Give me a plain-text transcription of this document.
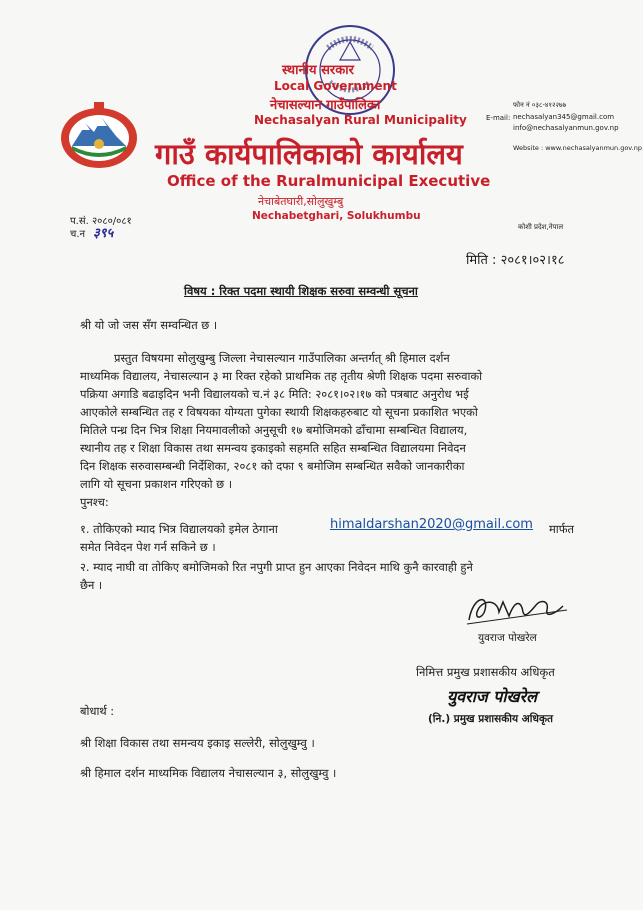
स्थानीय सरकार
Local Government
नेचासल्यान गाउँपालिका
Nechasalyan Rural Municipality
गाउँ कार्यपालिकाको कार्यालय
Office of the Ruralmunicipal Executive
नेचाबेतघारी,सोलुखुम्बु
Nechabetghari, Solukhumbu
फोन नं ०३८-४१२२७७
E-mail: nechasalyan345@gmail.com
info@nechasalyanmun.gov.np
Website : www.nechasalyanmun.gov.np
कोशी प्रदेश,नेपाल
प.सं. २०८०/०८१
च.न ३९५
मिति : २०८१।०२।१८
विषय : रिक्त पदमा स्थायी शिक्षक सरुवा सम्वन्धी सूचना
श्री यो जो जस सँग सम्वन्धित छ ।
प्रस्तुत विषयमा सोलुखुम्बु जिल्ला नेचासल्यान गाउँपालिका अन्तर्गत् श्री हिमाल दर्शन
माध्यमिक विद्यालय, नेचासल्यान ३ मा रिक्त रहेको प्राथमिक तह तृतीय श्रेणी शिक्षक पदमा सरुवाको
पक्रिया अगाडि बढाइदिन भनी विद्यालयको च.नं ३८ मिति: २०८१।०२।१७ को पत्रबाट अनुरोध भई
आएकोले सम्बन्धित तह र विषयका योग्यता पुगेका स्थायी शिक्षकहरुबाट यो सूचना प्रकाशित भएको
मितिले पन्ध्र दिन भित्र शिक्षा नियमावलीको अनुसूची १७ बमोजिमको ढाँचामा सम्बन्धित विद्यालय,
स्थानीय तह र शिक्षा विकास तथा समन्वय इकाइको सहमति सहित सम्बन्धित विद्यालयमा निवेदन
दिन शिक्षक सरुवासम्बन्धी निर्देशिका, २०८१ को दफा ९ बमोजिम सम्बन्धित सवैको जानकारीका
लागि यो सूचना प्रकाशन गरिएको छ ।
पुनश्च:
१. तोकिएको म्याद भित्र विद्यालयको इमेल ठेगाना	himaldarshan2020@gmail.com मार्फत
समेत निवेदन पेश गर्न सकिने छ ।
२. म्याद नाघी वा तोकिए बमोजिमको रित नपुगी प्राप्त हुन आएका निवेदन माथि कुनै कारवाही हुने
छैन ।
युवराज पोखरेल
निमित्त प्रमुख प्रशासकीय अधिकृत
युवराज पोखरेल
(नि.) प्रमुख प्रशासकीय अधिकृत
बोधार्थ :
श्री शिक्षा विकास तथा समन्वय इकाइ सल्लेरी, सोलुखुम्वु ।
श्री हिमाल दर्शन माध्यमिक विद्यालय नेचासल्यान ३, सोलुखुम्वु ।
